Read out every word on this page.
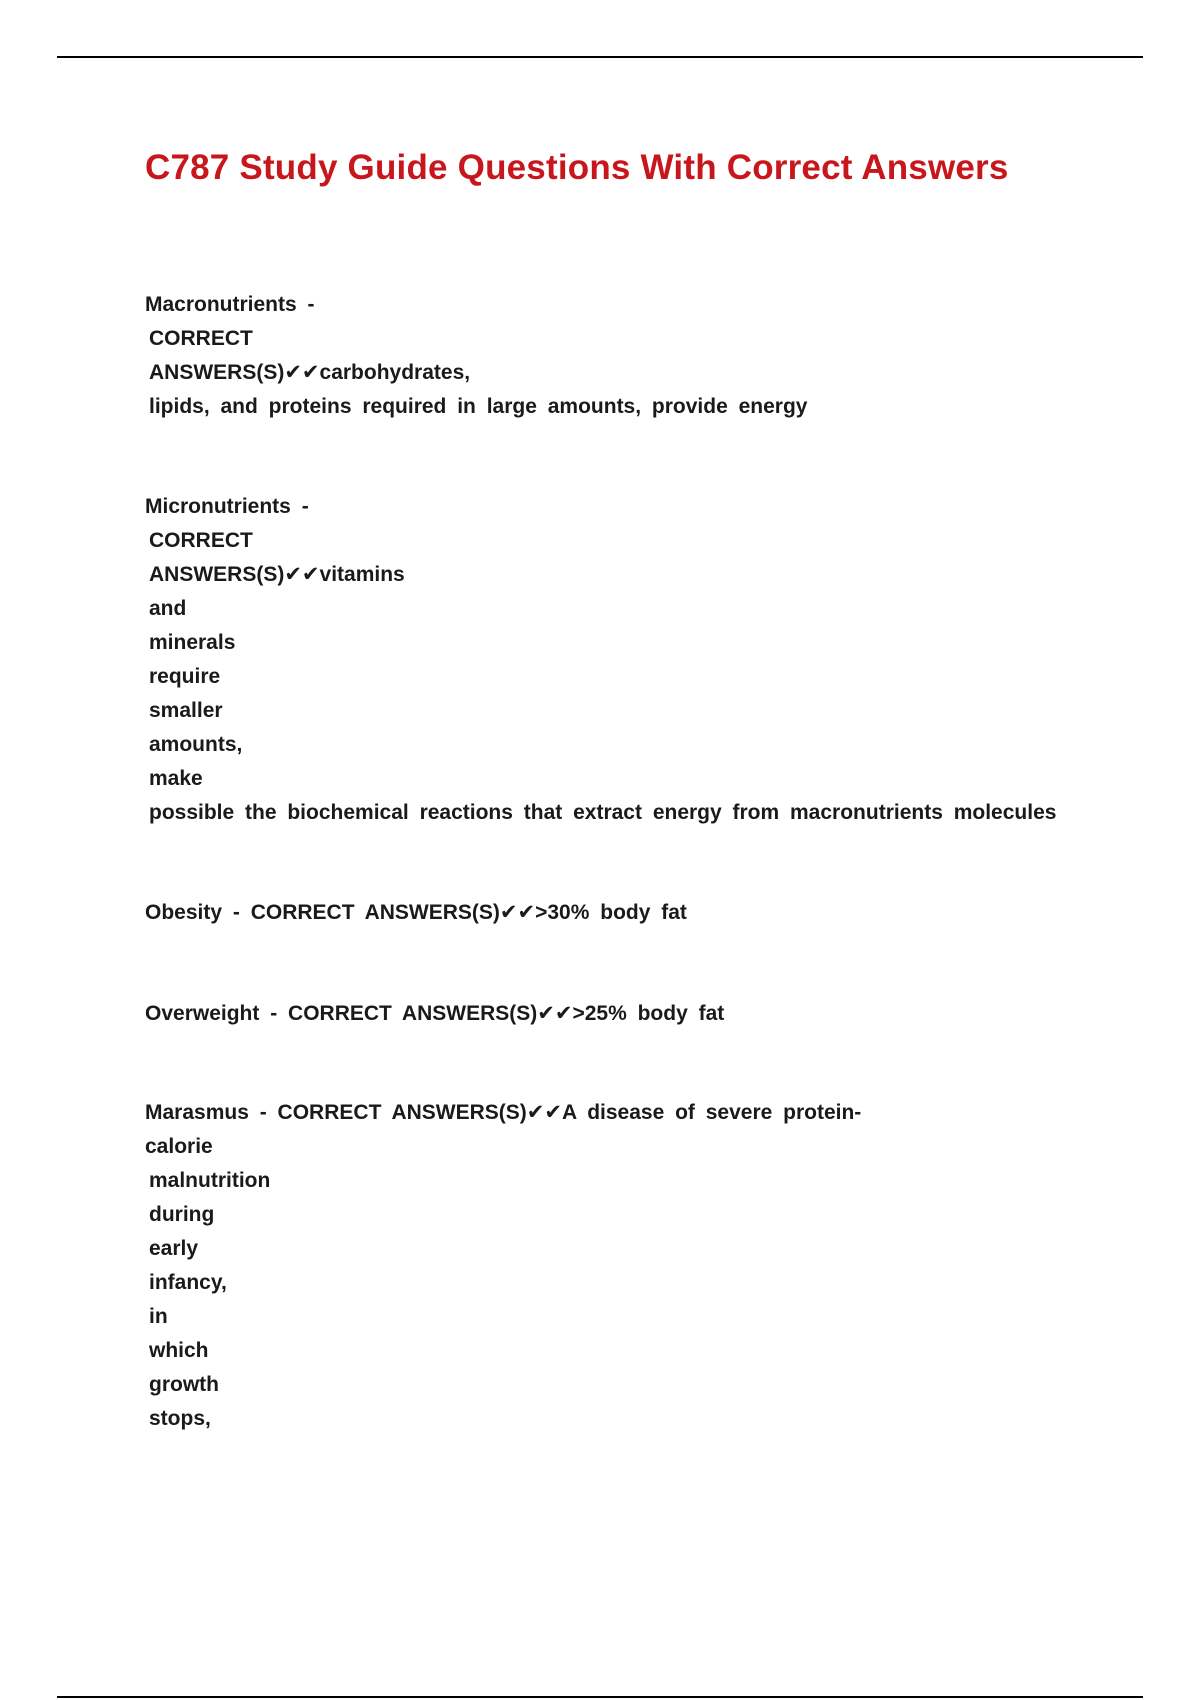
C787 Study Guide Questions With Correct Answers
Macronutrients -
CORRECT
ANSWERS(S)✔✔carbohydrates,
lipids, and proteins required in large amounts, provide energy
Micronutrients -
CORRECT
ANSWERS(S)✔✔vitamins
and
minerals
require
smaller
amounts,
make
possible the biochemical reactions that extract energy from macronutrients molecules
Obesity - CORRECT ANSWERS(S)✔✔>30% body fat
Overweight - CORRECT ANSWERS(S)✔✔>25% body fat
Marasmus - CORRECT ANSWERS(S)✔✔A disease of severe protein-
calorie
malnutrition
during
early
infancy,
in
which
growth
stops,
